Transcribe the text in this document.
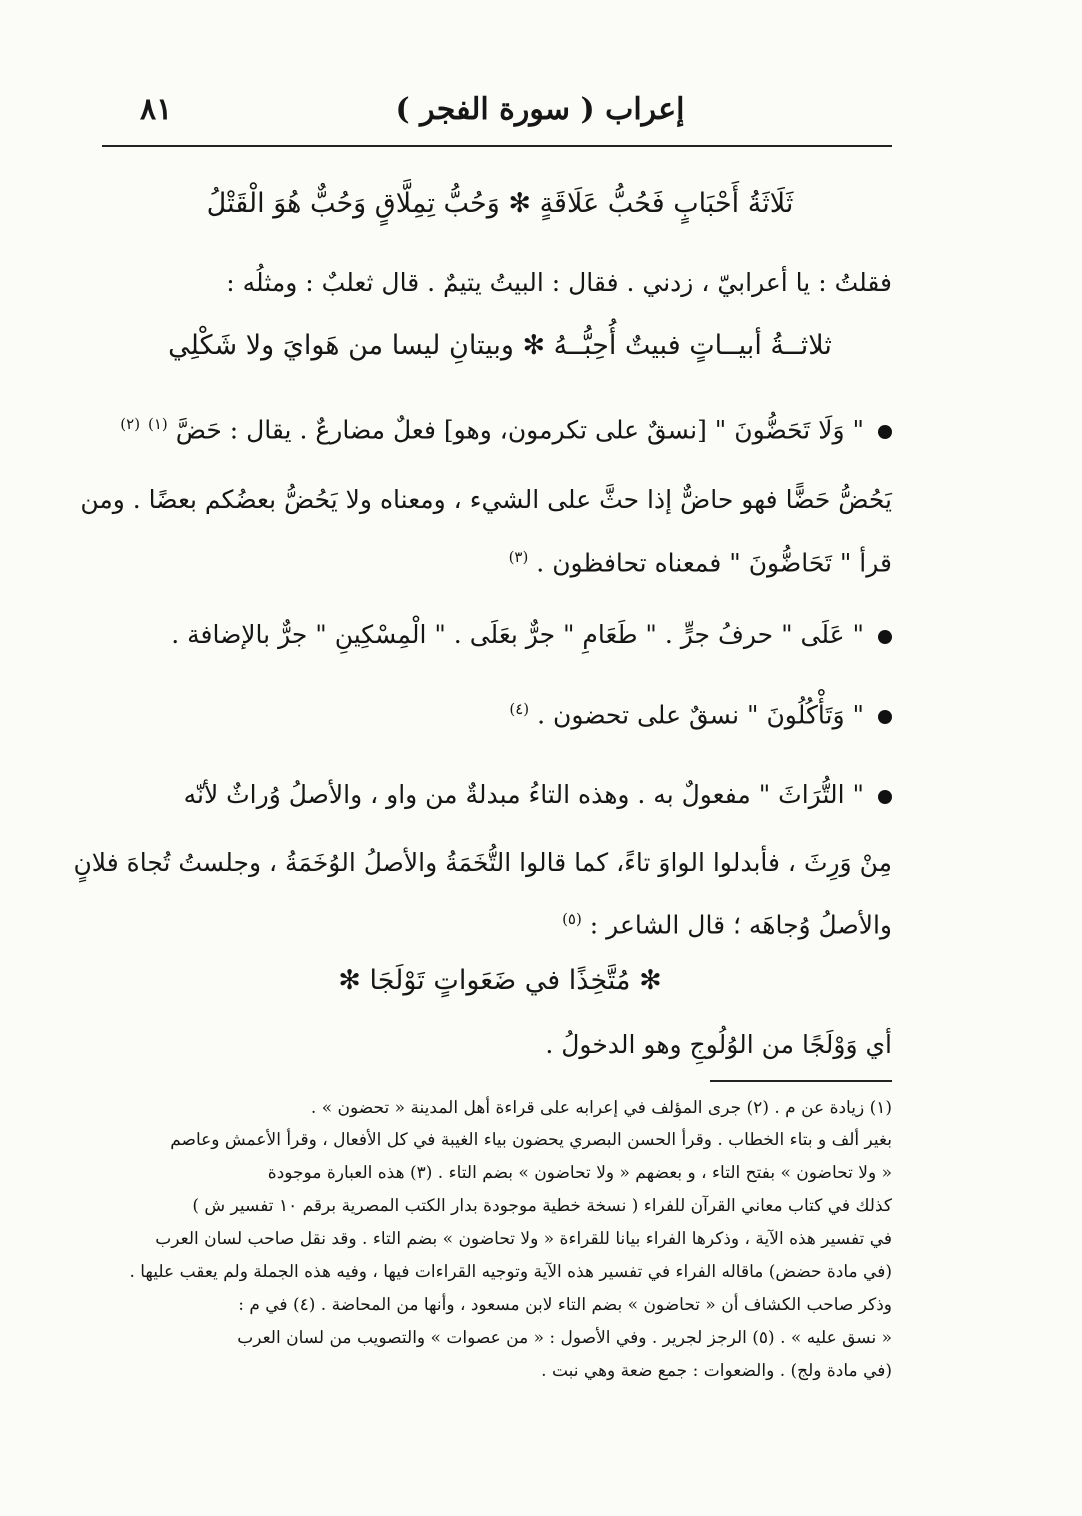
إعراب ( سورة الفجر )
٨١
ثَلَاثَةُ أَحْبَابٍ فَحُبُّ عَلَاقَةٍ ✻ وَحُبُّ تِمِلَّاقٍ وَحُبٌّ هُوَ الْقَتْلُ
فقلتُ : يا أعرابيّ ، زدني . فقال : البيتُ يتيمٌ . قال ثعلبٌ : ومثلُه :
ثلاثــةُ أبيــاتٍ فبيتٌ أُحِبُّــهُ ✻ وبيتانِ ليسا من هَوايَ ولا شَكْلِي
" وَلَا تَحَضُّونَ " [نسقٌ على تكرمون، وهو] فعلٌ مضارعٌ . يقال : حَضَّ $^{(١)}$ $^{(٢)}$
يَحُضُّ حَضًّا فهو حاضٌّ إذا حثَّ على الشيء ، ومعناه ولا يَحُضُّ بعضُكم بعضًا . ومن
قرأ " تَحَاضُّونَ " فمعناه تحافظون . $^{(٣)}$
" عَلَى " حرفُ جرٍّ . " طَعَامِ " جرٌّ بعَلَى . " الْمِسْكِينِ " جرٌّ بالإضافة .
" وَتَأْكُلُونَ " نسقٌ على تحضون . $^{(٤)}$
" التُّرَاثَ " مفعولٌ به . وهذه التاءُ مبدلةٌ من واو ، والأصلُ وُراثٌ لأنّه
مِنْ وَرِثَ ، فأبدلوا الواوَ تاءً، كما قالوا التُّخَمَةُ والأصلُ الوُخَمَةُ ، وجلستُ تُجاهَ فلانٍ
والأصلُ وُجاهَه ؛ قال الشاعر : $^{(٥)}$
✻ مُتَّخِذًا في ضَعَواتٍ تَوْلَجَا ✻
أي وَوْلَجًا من الوُلُوجِ وهو الدخولُ .
(١) زيادة عن م . (٢) جرى المؤلف في إعرابه على قراءة أهل المدينة « تحضون » .
بغير ألف و بتاء الخطاب . وقرأ الحسن البصري يحضون بياء الغيبة في كل الأفعال ، وقرأ الأعمش وعاصم
« ولا تحاضون » بفتح التاء ، و بعضهم « ولا تحاضون » بضم التاء . (٣) هذه العبارة موجودة
كذلك في كتاب معاني القرآن للفراء ( نسخة خطية موجودة بدار الكتب المصرية برقم ١٠ تفسير ش )
في تفسير هذه الآية ، وذكرها الفراء بيانا للقراءة « ولا تحاضون » بضم التاء . وقد نقل صاحب لسان العرب
(في مادة حضض) ماقاله الفراء في تفسير هذه الآية وتوجيه القراءات فيها ، وفيه هذه الجملة ولم يعقب عليها .
وذكر صاحب الكشاف أن « تحاضون » بضم التاء لابن مسعود ، وأنها من المحاضة . (٤) في م :
« نسق عليه » . (٥) الرجز لجرير . وفي الأصول : « من عصوات » والتصويب من لسان العرب
(في مادة ولج) . والضعوات : جمع ضعة وهي نبت .
